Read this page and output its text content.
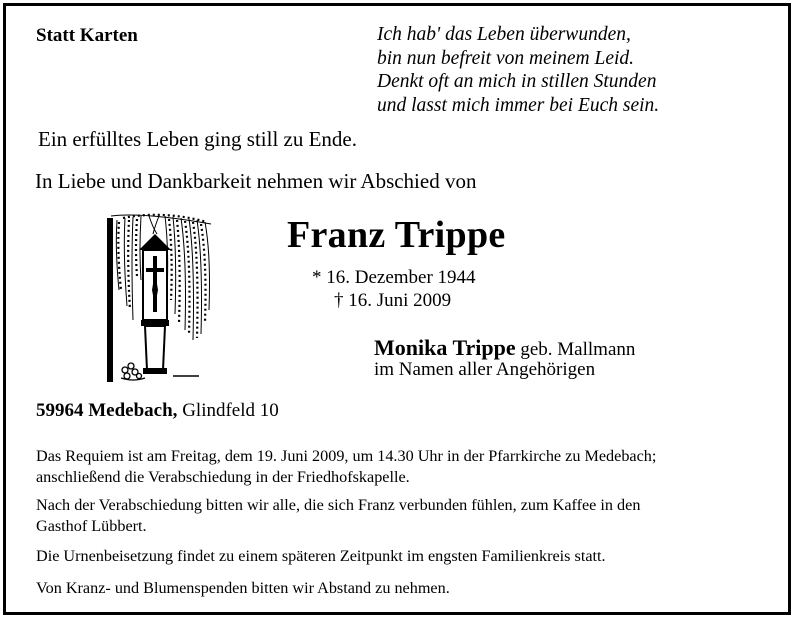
Statt Karten	Ich hab' das Leben überwunden,
bin nun befreit von meinem Leid.
Denkt oft an mich in stillen Stunden
und lasst mich immer bei Euch sein.
Ein erfülltes Leben ging still zu Ende.
In Liebe und Dankbarkeit nehmen wir Abschied von
Franz Trippe
* 16. Dezember 1944
† 16. Juni 2009
Monika Trippe geb. Mallmann
im Namen aller Angehörigen
59964 Medebach, Glindfeld 10
Das Requiem ist am Freitag, dem 19. Juni 2009, um 14.30 Uhr in der Pfarrkirche zu Medebach;
anschließend die Verabschiedung in der Friedhofskapelle.
Nach der Verabschiedung bitten wir alle, die sich Franz verbunden fühlen, zum Kaffee in den
Gasthof Lübbert.
Die Urnenbeisetzung findet zu einem späteren Zeitpunkt im engsten Familienkreis statt.
Von Kranz- und Blumenspenden bitten wir Abstand zu nehmen.
